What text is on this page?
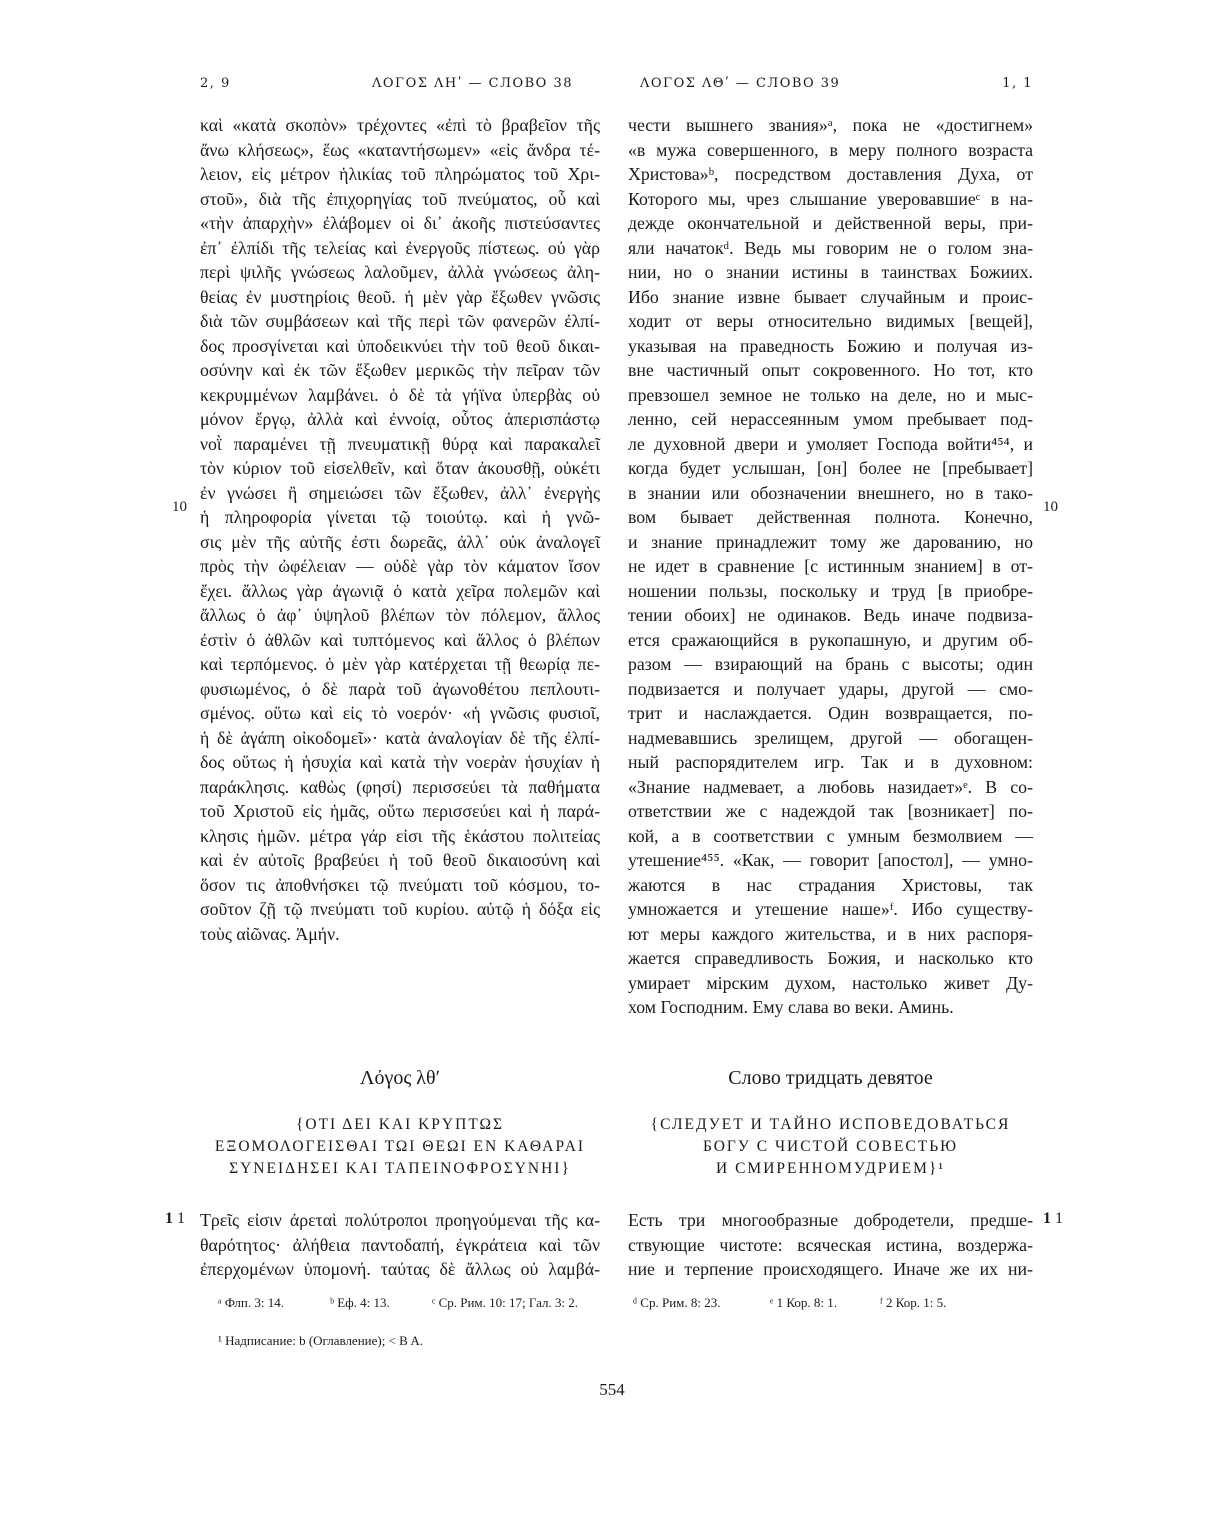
2, 9	ΛΟΓΟΣ ΛΗʹ — СЛОВО 38	ΛΟΓΟΣ ΛΘʹ — СЛОВО 39	1, 1
καὶ «κατὰ σκοπὸν» τρέχοντες «ἐπὶ τὸ βραβεῖον τῆς
ἄνω κλήσεως», ἕως «καταντήσωμεν» «εἰς ἄνδρα τέ-
λειον, εἰς μέτρον ἡλικίας τοῦ πληρώματος τοῦ Χρι-
στοῦ», διὰ τῆς ἐπιχορηγίας τοῦ πνεύματος, οὗ καὶ
«τὴν ἀπαρχὴν» ἐλάβομεν οἱ δι᾽ ἀκοῆς πιστεύσαντες
ἐπ᾽ ἐλπίδι τῆς τελείας καὶ ἐνεργοῦς πίστεως. οὐ γὰρ
περὶ ψιλῆς γνώσεως λαλοῦμεν, ἀλλὰ γνώσεως ἀλη-
θείας ἐν μυστηρίοις θεοῦ. ἡ μὲν γὰρ ἔξωθεν γνῶσις
διὰ τῶν συμβάσεων καὶ τῆς περὶ τῶν φανερῶν ἐλπί-
δος προσγίνεται καὶ ὑποδεικνύει τὴν τοῦ θεοῦ δικαι-
οσύνην καὶ ἐκ τῶν ἔξωθεν μερικῶς τὴν πεῖραν τῶν
κεκρυμμένων λαμβάνει. ὁ δὲ τὰ γήϊνα ὑπερβὰς οὐ
μόνον ἔργῳ, ἀλλὰ καὶ ἐννοίᾳ, οὗτος ἀπερισπάστῳ
νοῒ παραμένει τῇ πνευματικῇ θύρᾳ καὶ παρακαλεῖ
τὸν κύριον τοῦ εἰσελθεῖν, καὶ ὅταν ἀκουσθῇ, οὐκέτι
ἐν γνώσει ἢ σημειώσει τῶν ἔξωθεν, ἀλλ᾽ ἐνεργὴς
ἡ πληροφορία γίνεται τῷ τοιούτῳ. καὶ ἡ γνῶ-
σις μὲν τῆς αὐτῆς ἐστι δωρεᾶς, ἀλλ᾽ οὐκ ἀναλογεῖ
πρὸς τὴν ὠφέλειαν — οὐδὲ γὰρ τὸν κάματον ἴσον
ἔχει. ἄλλως γὰρ ἀγωνιᾷ ὁ κατὰ χεῖρα πολεμῶν καὶ
ἄλλως ὁ ἀφ᾽ ὑψηλοῦ βλέπων τὸν πόλεμον, ἄλλος
ἐστὶν ὁ ἀθλῶν καὶ τυπτόμενος καὶ ἄλλος ὁ βλέπων
καὶ τερπόμενος. ὁ μὲν γὰρ κατέρχεται τῇ θεωρίᾳ πε-
φυσιωμένος, ὁ δὲ παρὰ τοῦ ἀγωνοθέτου πεπλουτι-
σμένος. οὕτω καὶ εἰς τὸ νοερόν· «ἡ γνῶσις φυσιοῖ,
ἡ δὲ ἀγάπη οἰκοδομεῖ»· κατὰ ἀναλογίαν δὲ τῆς ἐλπί-
δος οὕτως ἡ ἡσυχία καὶ κατὰ τὴν νοερὰν ἡσυχίαν ἡ
παράκλησις. καθὼς (φησί) περισσεύει τὰ παθήματα
τοῦ Χριστοῦ εἰς ἡμᾶς, οὕτω περισσεύει καὶ ἡ παρά-
κλησις ἡμῶν. μέτρα γάρ εἰσι τῆς ἑκάστου πολιτείας
καὶ ἐν αὐτοῖς βραβεύει ἡ τοῦ θεοῦ δικαιοσύνη καὶ
ὅσον τις ἀποθνήσκει τῷ πνεύματι τοῦ κόσμου, το-
σοῦτον ζῇ τῷ πνεύματι τοῦ κυρίου. αὐτῷ ἡ δόξα εἰς
τοὺς αἰῶνας. Ἀμήν.
чести вышнего звания»ᵃ, пока не «достигнем»
«в мужа совершенного, в меру полного возраста
Христова»ᵇ, посредством доставления Духа, от
Которого мы, чрез слышание уверовавшиеᶜ в на-
дежде окончательной и действенной веры, при-
яли начатокᵈ. Ведь мы говорим не о голом зна-
нии, но о знании истины в таинствах Божиих.
Ибо знание извне бывает случайным и проис-
ходит от веры относительно видимых [вещей],
указывая на праведность Божию и получая из-
вне частичный опыт сокровенного. Но тот, кто
превзошел земное не только на деле, но и мыс-
ленно, сей нерассеянным умом пребывает под-
ле духовной двери и умоляет Господа войти⁴⁵⁴, и
когда будет услышан, [он] более не [пребывает]
в знании или обозначении внешнего, но в тако-
вом бывает действенная полнота. Конечно,
и знание принадлежит тому же дарованию, но
не идет в сравнение [с истинным знанием] в от-
ношении пользы, поскольку и труд [в приобре-
тении обоих] не одинаков. Ведь иначе подвиза-
ется сражающийся в рукопашную, и другим об-
разом — взирающий на брань с высоты; один
подвизается и получает удары, другой — смо-
трит и наслаждается. Один возвращается, по-
надмевавшись зрелищем, другой — обогащен-
ный распорядителем игр. Так и в духовном:
«Знание надмевает, а любовь назидает»ᵉ. В со-
ответствии же с надеждой так [возникает] по-
кой, а в соответствии с умным безмолвием —
утешение⁴⁵⁵. «Как, — говорит [апостол], — умно-
жаются в нас страдания Христовы, так
умножается и утешение наше»ᶠ. Ибо существу-
ют меры каждого жительства, и в них распоря-
жается справедливость Божия, и насколько кто
умирает мірским духом, настолько живет Ду-
хом Господним. Ему слава во веки. Аминь.
10	10
Λόγος λθʹ	Слово тридцать девятое
{ΟΤΙ ΔΕΙ ΚΑΙ ΚΡΥΠΤΩΣ
ΕΞΟΜΟΛΟΓΕΙΣΘΑΙ ΤΩΙ ΘΕΩΙ ΕΝ ΚΑΘΑΡΑΙ
ΣΥΝΕΙΔΗΣΕΙ ΚΑΙ ΤΑΠΕΙΝΟΦΡΟΣΥΝΗΙ}
{СЛЕДУЕТ И ТАЙНО ИСПОВЕДОВАТЬСЯ
БОГУ С ЧИСТОЙ СОВЕСТЬЮ
И СМИРЕННОМУДРИЕМ}¹
1 1	1 1
Τρεῖς εἰσιν ἀρεταὶ πολύτροποι προηγούμεναι τῆς κα-
θαρότητος· ἀλήθεια παντοδαπή, ἐγκράτεια καὶ τῶν
ἐπερχομένων ὑπομονή. ταύτας δὲ ἄλλως οὐ λαμβά-
Есть три многообразные добродетели, предше-
ствующие чистоте: всяческая истина, воздержа-
ние и терпение происходящего. Иначе же их ни-
ᵃ Флп. 3: 14.	ᵇ Еф. 4: 13.	ᶜ Ср. Рим. 10: 17; Гал. 3: 2.	ᵈ Ср. Рим. 8: 23.	ᵉ 1 Кор. 8: 1.	ᶠ 2 Кор. 1: 5.
¹ Надписание: b (Оглавление); < B A.
554
